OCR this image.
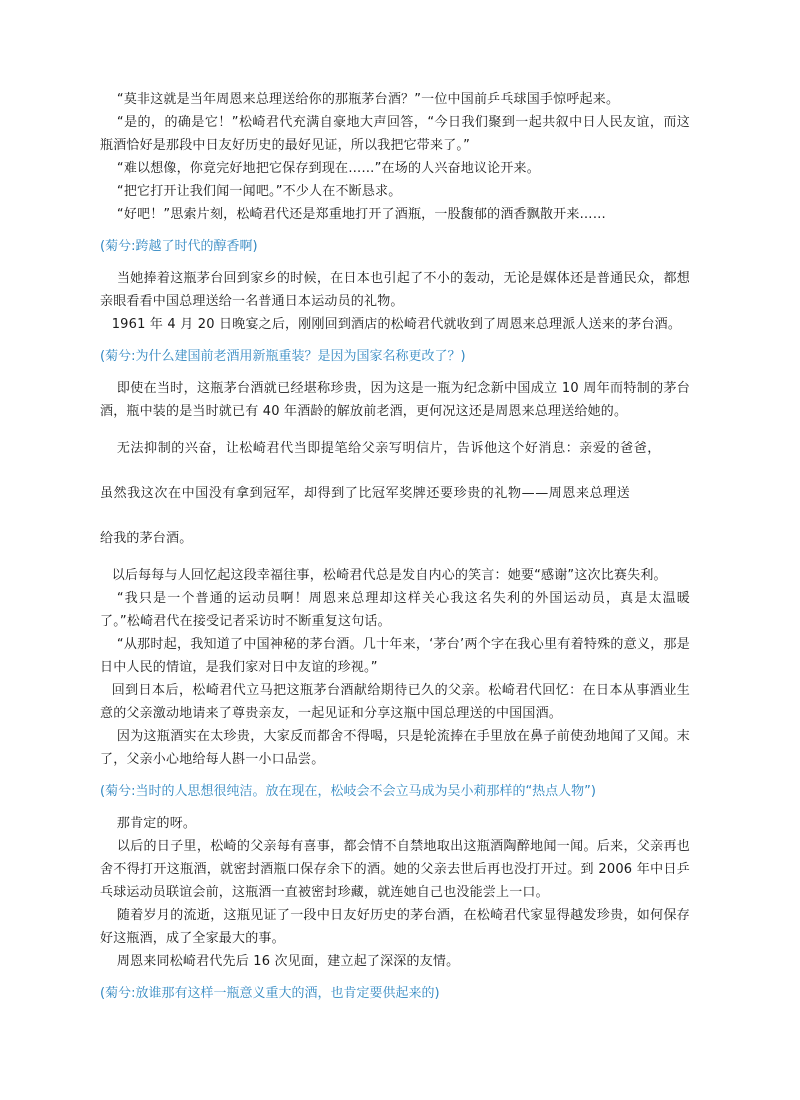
“莫非这就是当年周恩来总理送给你的那瓶茅台酒？”一位中国前乒乓球国手惊呼起来。

“是的，的确是它！”松崎君代充满自豪地大声回答，“今日我们聚到一起共叙中日人民友谊，而这瓶酒恰好是那段中日友好历史的最好见证，所以我把它带来了。”

“难以想像，你竟完好地把它保存到现在……”在场的人兴奋地议论开来。

“把它打开让我们闻一闻吧。”不少人在不断恳求。

“好吧！”思索片刻，松崎君代还是郑重地打开了酒瓶，一股馥郁的酒香飘散开来……

(菊兮:跨越了时代的醇香啊)

当她捧着这瓶茅台回到家乡的时候，在日本也引起了不小的轰动，无论是媒体还是普通民众，都想亲眼看看中国总理送给一名普通日本运动员的礼物。

1961 年 4 月 20 日晚宴之后，刚刚回到酒店的松崎君代就收到了周恩来总理派人送来的茅台酒。

(菊兮:为什么建国前老酒用新瓶重装？是因为国家名称更改了？)

即使在当时，这瓶茅台酒就已经堪称珍贵，因为这是一瓶为纪念新中国成立 10 周年而特制的茅台酒，瓶中装的是当时就已有 40 年酒龄的解放前老酒，更何况这还是周恩来总理送给她的。

无法抑制的兴奋，让松崎君代当即提笔给父亲写明信片，告诉他这个好消息：亲爱的爸爸，

虽然我这次在中国没有拿到冠军，却得到了比冠军奖牌还要珍贵的礼物——周恩来总理送

给我的茅台酒。

以后每每与人回忆起这段幸福往事，松崎君代总是发自内心的笑言：她要“感谢”这次比赛失利。

“我只是一个普通的运动员啊！周恩来总理却这样关心我这名失利的外国运动员，真是太温暖了。”松崎君代在接受记者采访时不断重复这句话。

“从那时起，我知道了中国神秘的茅台酒。几十年来，‘茅台’两个字在我心里有着特殊的意义，那是日中人民的情谊，是我们家对日中友谊的珍视。”

回到日本后，松崎君代立马把这瓶茅台酒献给期待已久的父亲。松崎君代回忆：在日本从事酒业生意的父亲激动地请来了尊贵亲友，一起见证和分享这瓶中国总理送的中国国酒。

因为这瓶酒实在太珍贵，大家反而都舍不得喝，只是轮流捧在手里放在鼻子前使劲地闻了又闻。末了，父亲小心地给每人斟一小口品尝。

(菊兮:当时的人思想很纯洁。放在现在，松岐会不会立马成为吴小莉那样的“热点人物”)

那肯定的呀。

以后的日子里，松崎的父亲每有喜事，都会情不自禁地取出这瓶酒陶醉地闻一闻。后来，父亲再也舍不得打开这瓶酒，就密封酒瓶口保存余下的酒。她的父亲去世后再也没打开过。到 2006 年中日乒乓球运动员联谊会前，这瓶酒一直被密封珍藏，就连她自己也没能尝上一口。

随着岁月的流逝，这瓶见证了一段中日友好历史的茅台酒，在松崎君代家显得越发珍贵，如何保存好这瓶酒，成了全家最大的事。

周恩来同松崎君代先后 16 次见面，建立起了深深的友情。

(菊兮:放谁那有这样一瓶意义重大的酒，也肯定要供起来的)
